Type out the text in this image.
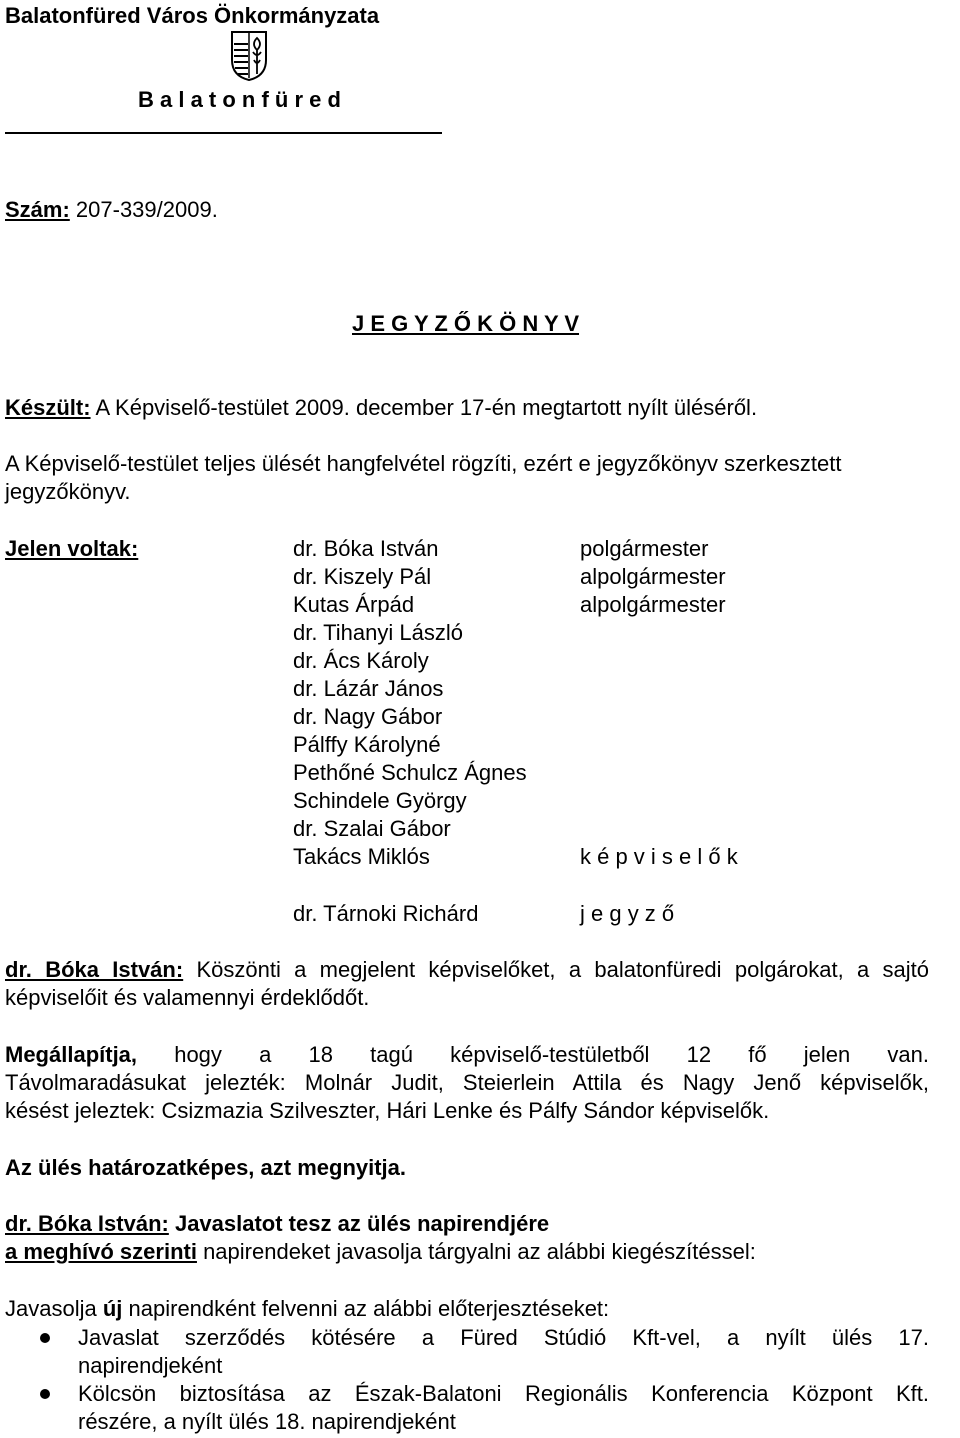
Balatonfüred Város Önkormányzata
B a l a t o n f ü r e d
Szám: 207-339/2009.
J E G Y Z Ő K Ö N Y V
Készült: A Képviselő-testület 2009. december 17-én megtartott nyílt üléséről.
A Képviselő-testület teljes ülését hangfelvétel rögzíti, ezért e jegyzőkönyv szerkesztett jegyzőkönyv.
Jelen voltak:	dr. Bóka István	polgármester
dr. Kiszely Pál	alpolgármester
Kutas Árpád	alpolgármester
dr. Tihanyi László
dr. Ács Károly
dr. Lázár János
dr. Nagy Gábor
Pálffy Károlyné
Pethőné Schulcz Ágnes
Schindele György
dr. Szalai Gábor
Takács Miklós	k é p v i s e l ő k
dr. Tárnoki Richárd	j e g y z ő
dr. Bóka István: Köszönti a megjelent képviselőket, a balatonfüredi polgárokat, a sajtó képviselőit és valamennyi érdeklődőt.
Megállapítja, hogy a 18 tagú képviselő-testületből 12 fő jelen van.
Távolmaradásukat jelezték: Molnár Judit, Steierlein Attila és Nagy Jenő képviselők,
késést jeleztek: Csizmazia Szilveszter, Hári Lenke és Pálfy Sándor képviselők.
Az ülés határozatképes, azt megnyitja.
dr. Bóka István: Javaslatot tesz az ülés napirendjére
a meghívó szerinti napirendeket javasolja tárgyalni az alábbi kiegészítéssel:
Javasolja új napirendként felvenni az alábbi előterjesztéseket:
Javaslat szerződés kötésére a Füred Stúdió Kft-vel, a nyílt ülés 17.
napirendjeként
Kölcsön biztosítása az Észak-Balatoni Regionális Konferencia Központ Kft.
részére, a nyílt ülés 18. napirendjeként
